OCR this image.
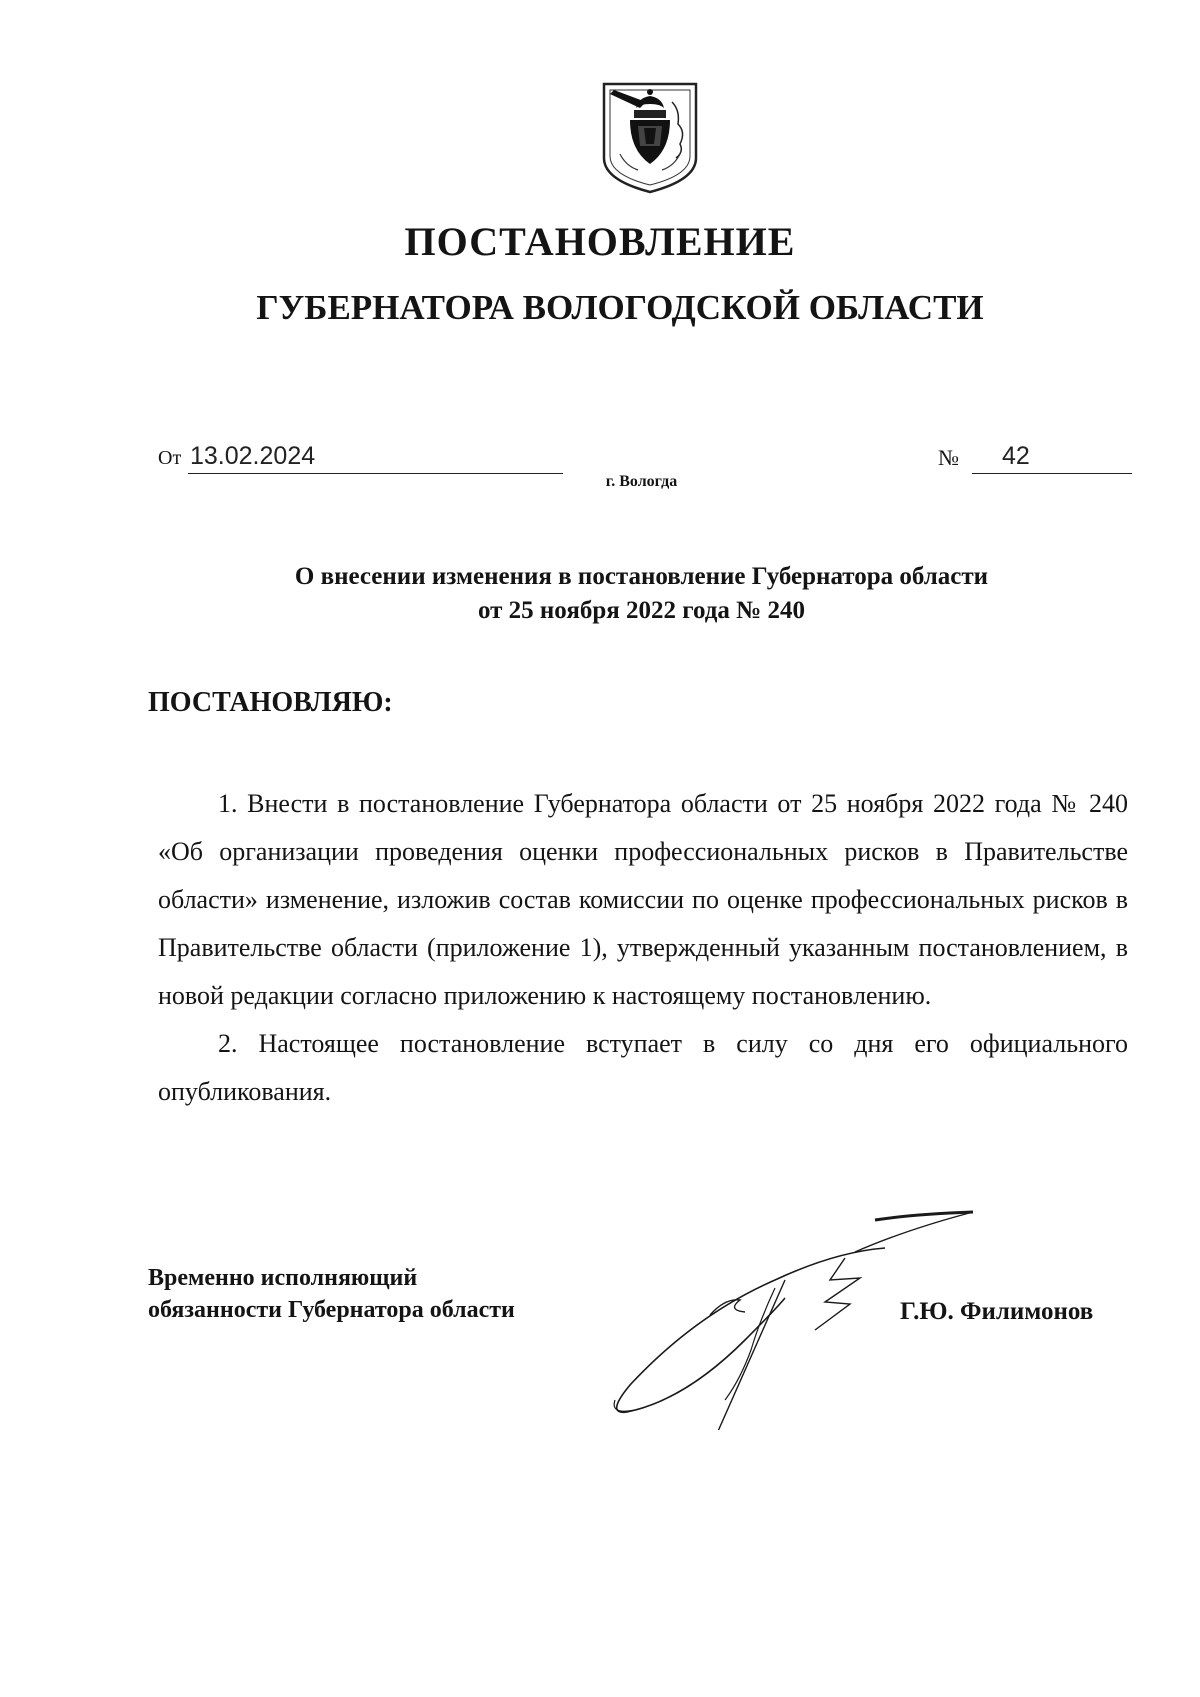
ПОСТАНОВЛЕНИЕ
ГУБЕРНАТОРА ВОЛОГОДСКОЙ ОБЛАСТИ
От 13.02.2024
г. Вологда
№ 42
О внесении изменения в постановление Губернатора области
от 25 ноября 2022 года № 240
ПОСТАНОВЛЯЮ:

1. Внести в постановление Губернатора области от 25 ноября 2022 года № 240 «Об организации проведения оценки профессиональных рисков в Правительстве области» изменение, изложив состав комиссии по оценке профессиональных рисков в Правительстве области (приложение 1), утвержденный указанным постановлением, в новой редакции согласно приложению к настоящему постановлению.

2. Настоящее постановление вступает в силу со дня его официального опубликования.

Временно исполняющий
обязанности Губернатора области	Г.Ю. Филимонов
